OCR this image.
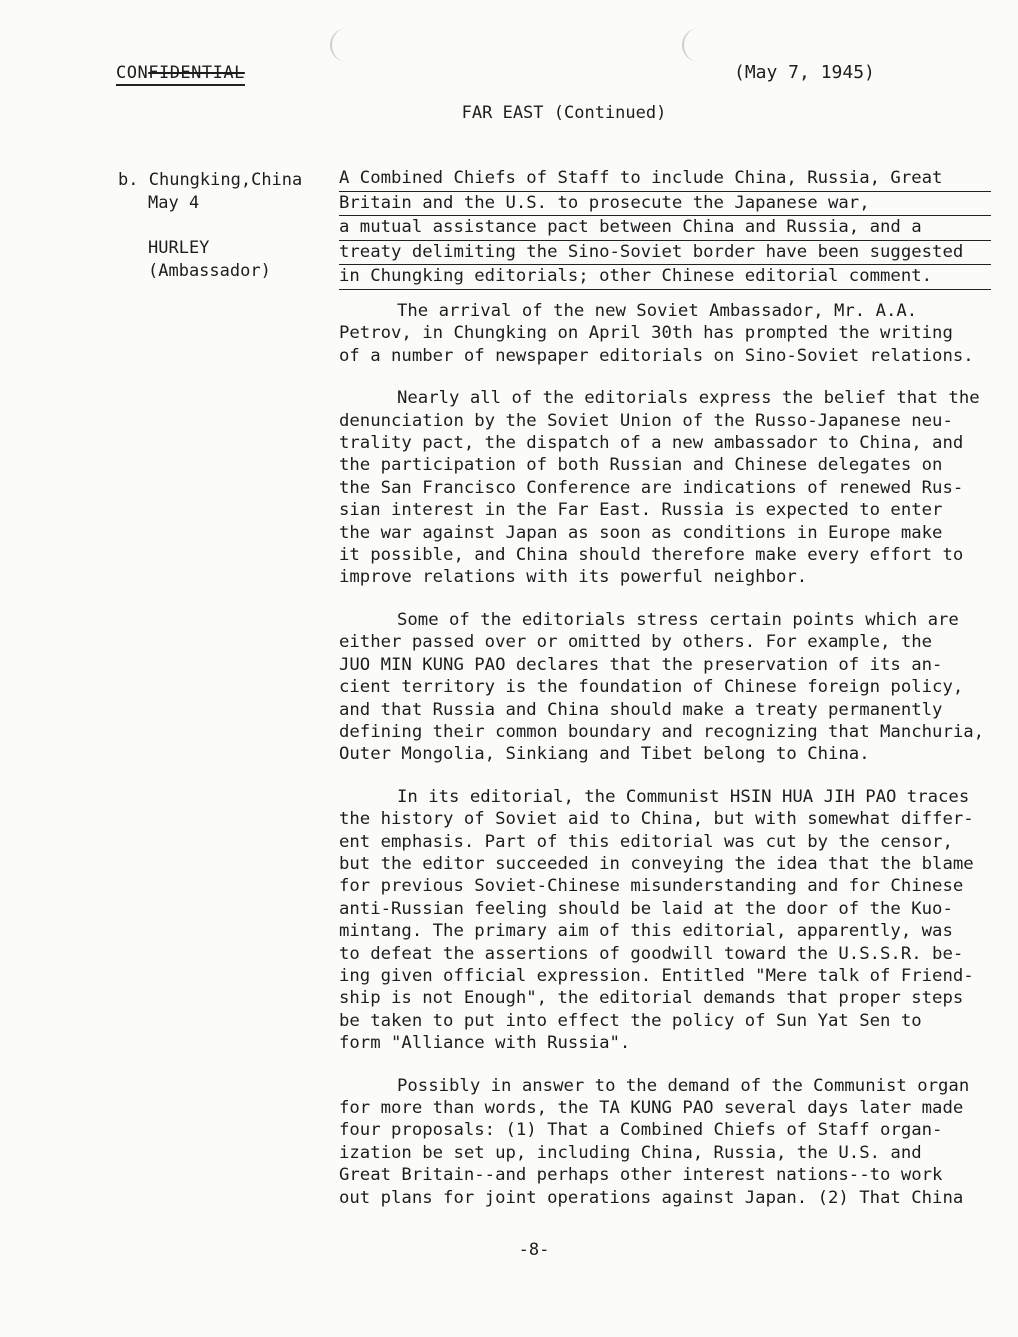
CONFIDENTIAL	(May 7, 1945)
FAR EAST (Continued)
b. Chungking,China
May 4
HURLEY
(Ambassador)
A Combined Chiefs of Staff to include China, Russia, Great
Britain and the U.S. to prosecute the Japanese war,
a mutual assistance pact between China and Russia, and a
treaty delimiting the Sino-Soviet border have been suggested
in Chungking editorials; other Chinese editorial comment.

The arrival of the new Soviet Ambassador, Mr. A.A.
Petrov, in Chungking on April 30th has prompted the writing
of a number of newspaper editorials on Sino-Soviet relations.

Nearly all of the editorials express the belief that the
denunciation by the Soviet Union of the Russo-Japanese neu-
trality pact, the dispatch of a new ambassador to China, and
the participation of both Russian and Chinese delegates on
the San Francisco Conference are indications of renewed Rus-
sian interest in the Far East. Russia is expected to enter
the war against Japan as soon as conditions in Europe make
it possible, and China should therefore make every effort to
improve relations with its powerful neighbor.

Some of the editorials stress certain points which are
either passed over or omitted by others. For example, the
JUO MIN KUNG PAO declares that the preservation of its an-
cient territory is the foundation of Chinese foreign policy,
and that Russia and China should make a treaty permanently
defining their common boundary and recognizing that Manchuria,
Outer Mongolia, Sinkiang and Tibet belong to China.

In its editorial, the Communist HSIN HUA JIH PAO traces
the history of Soviet aid to China, but with somewhat differ-
ent emphasis. Part of this editorial was cut by the censor,
but the editor succeeded in conveying the idea that the blame
for previous Soviet-Chinese misunderstanding and for Chinese
anti-Russian feeling should be laid at the door of the Kuo-
mintang. The primary aim of this editorial, apparently, was
to defeat the assertions of goodwill toward the U.S.S.R. be-
ing given official expression. Entitled "Mere talk of Friend-
ship is not Enough", the editorial demands that proper steps
be taken to put into effect the policy of Sun Yat Sen to
form "Alliance with Russia".

Possibly in answer to the demand of the Communist organ
for more than words, the TA KUNG PAO several days later made
four proposals: (1) That a Combined Chiefs of Staff organ-
ization be set up, including China, Russia, the U.S. and
Great Britain--and perhaps other interest nations--to work
out plans for joint operations against Japan. (2) That China

-8-
